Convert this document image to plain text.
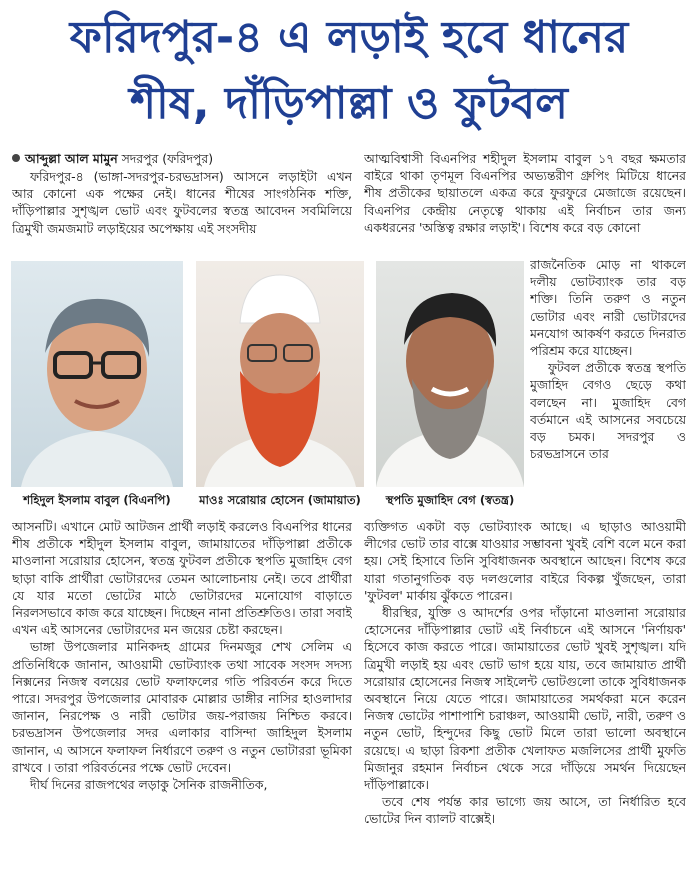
ফরিদপুর-৪ এ লড়াই হবে ধানের
শীষ, দাঁড়িপাল্লা ও ফুটবল
আব্দুল্লা আল মামুন সদরপুর (ফরিদপুর)

ফরিদপুর-৪ (ভাঙ্গা-সদরপুর-চরভদ্রাসন) আসনে লড়াইটা এখন আর কোনো এক পক্ষের নেই। ধানের শীষের সাংগঠনিক শক্তি, দাঁড়িপাল্লার সুশৃঙ্খল ভোট এবং ফুটবলের স্বতন্ত্র আবেদন সবমিলিয়ে ত্রিমুখী জমজমাট লড়াইয়ের অপেক্ষায় এই সংসদীয়

আত্মবিশ্বাসী বিএনপির শহীদুল ইসলাম বাবুল ১৭ বছর ক্ষমতার বাইরে থাকা তৃণমূল বিএনপির অভ্যন্তরীণ গ্রুপিং মিটিয়ে ধানের শীষ প্রতীকের ছায়াতলে একত্র করে ফুরফুরে মেজাজে রয়েছেন। বিএনপির কেন্দ্রীয় নেতৃত্বে থাকায় এই নির্বাচন তার জন্য একধরনের 'অস্তিত্ব রক্ষার লড়াই'। বিশেষ করে বড় কোনো

শহিদুল ইসলাম বাবুল (বিএনপি)	মাওঃ সরোয়ার হোসেন (জামায়াত)	স্থপতি মুজাহিদ বেগ (স্বতন্ত্র)

রাজনৈতিক মোড় না থাকলে দলীয় ভোটব্যাংক তার বড় শক্তি। তিনি তরুণ ও নতুন ভোটার এবং নারী ভোটারদের মনযোগ আকর্ষণ করতে দিনরাত পরিশ্রম করে যাচ্ছেন।

ফুটবল প্রতীকে স্বতন্ত্র স্থপতি মুজাহিদ বেগও ছেড়ে কথা বলছেন না। মুজাহিদ বেগ বর্তমানে এই আসনের সবচেয়ে বড় চমক। সদরপুর ও চরভদ্রাসনে তার

আসনটি। এখানে মোট আটজন প্রার্থী লড়াই করলেও বিএনপির ধানের শীষ প্রতীকে শহীদুল ইসলাম বাবুল, জামায়াতের দাঁড়িপাল্লা প্রতীকে মাওলানা সরোয়ার হোসেন, স্বতন্ত্র ফুটবল প্রতীকে স্থপতি মুজাহিদ বেগ ছাড়া বাকি প্রার্থীরা ভোটারদের তেমন আলোচনায় নেই। তবে প্রার্থীরা যে যার মতো ভোটের মাঠে ভোটারদের মনোযোগ বাড়াতে নিরলসভাবে কাজ করে যাচ্ছেন। দিচ্ছেন নানা প্রতিশ্রুতিও। তারা সবাই এখন এই আসনের ভোটারদের মন জয়ের চেষ্টা করছেন।

ভাঙ্গা উপজেলার মানিকদহ গ্রামের দিনমজুর শেখ সেলিম এ প্রতিনিধিকে জানান, আওয়ামী ভোটব্যাংক তথা সাবেক সংসদ সদস্য নিক্সনের নিজস্ব বলয়ের ভোট ফলাফলের গতি পরিবর্তন করে দিতে পারে। সদরপুর উপজেলার মোবারক মোল্লার ডাঙ্গীর নাসির হাওলাদার জানান, নিরপেক্ষ ও নারী ভোটার জয়-পরাজয় নিশ্চিত করবে। চরভদ্রাসন উপজেলার সদর এলাকার বাসিন্দা জাহিদুল ইসলাম জানান, এ আসনে ফলাফল নির্ধারণে তরুণ ও নতুন ভোটাররা ভূমিকা রাখবে । তারা পরিবর্তনের পক্ষে ভোট দেবেন।

দীর্ঘ দিনের রাজপথের লড়াকু সৈনিক রাজনীতিক,

ব্যক্তিগত একটা বড় ভোটব্যাংক আছে। এ ছাড়াও আওয়ামী লীগের ভোট তার বাক্সে যাওয়ার সম্ভাবনা খুবই বেশি বলে মনে করা হয়। সেই হিসাবে তিনি সুবিধাজনক অবস্থানে আছেন। বিশেষ করে যারা গতানুগতিক বড় দলগুলোর বাইরে বিকল্প খুঁজছেন, তারা 'ফুটবল' মার্কায় ঝুঁকতে পারেন।

ধীরস্থির, যুক্তি ও আদর্শের ওপর দাঁড়ানো মাওলানা সরোয়ার হোসেনের দাঁড়িপাল্লার ভোট এই নির্বাচনে এই আসনে 'নির্ণায়ক' হিসেবে কাজ করতে পারে। জামায়াতের ভোট খুবই সুশৃঙ্খল। যদি ত্রিমুখী লড়াই হয় এবং ভোট ভাগ হয়ে যায়, তবে জামায়াত প্রার্থী সরোয়ার হোসেনের নিজস্ব সাইলেন্ট ভোটগুলো তাকে সুবিধাজনক অবস্থানে নিয়ে যেতে পারে। জামায়াতের সমর্থকরা মনে করেন নিজস্ব ভোটের পাশাপাশি চরাঞ্চল, আওয়ামী ভোট, নারী, তরুণ ও নতুন ভোট, হিন্দুদের কিছু ভোট মিলে তারা ভালো অবস্থানে রয়েছে। এ ছাড়া রিকশা প্রতীক খেলাফত মজলিসের প্রার্থী মুফতি মিজানুর রহমান নির্বাচন থেকে সরে দাঁড়িয়ে সমর্থন দিয়েছেন দাঁড়িপাল্লাকে।

তবে শেষ পর্যন্ত কার ভাগ্যে জয় আসে, তা নির্ধারিত হবে ভোটের দিন ব্যালট বাক্সেই।
